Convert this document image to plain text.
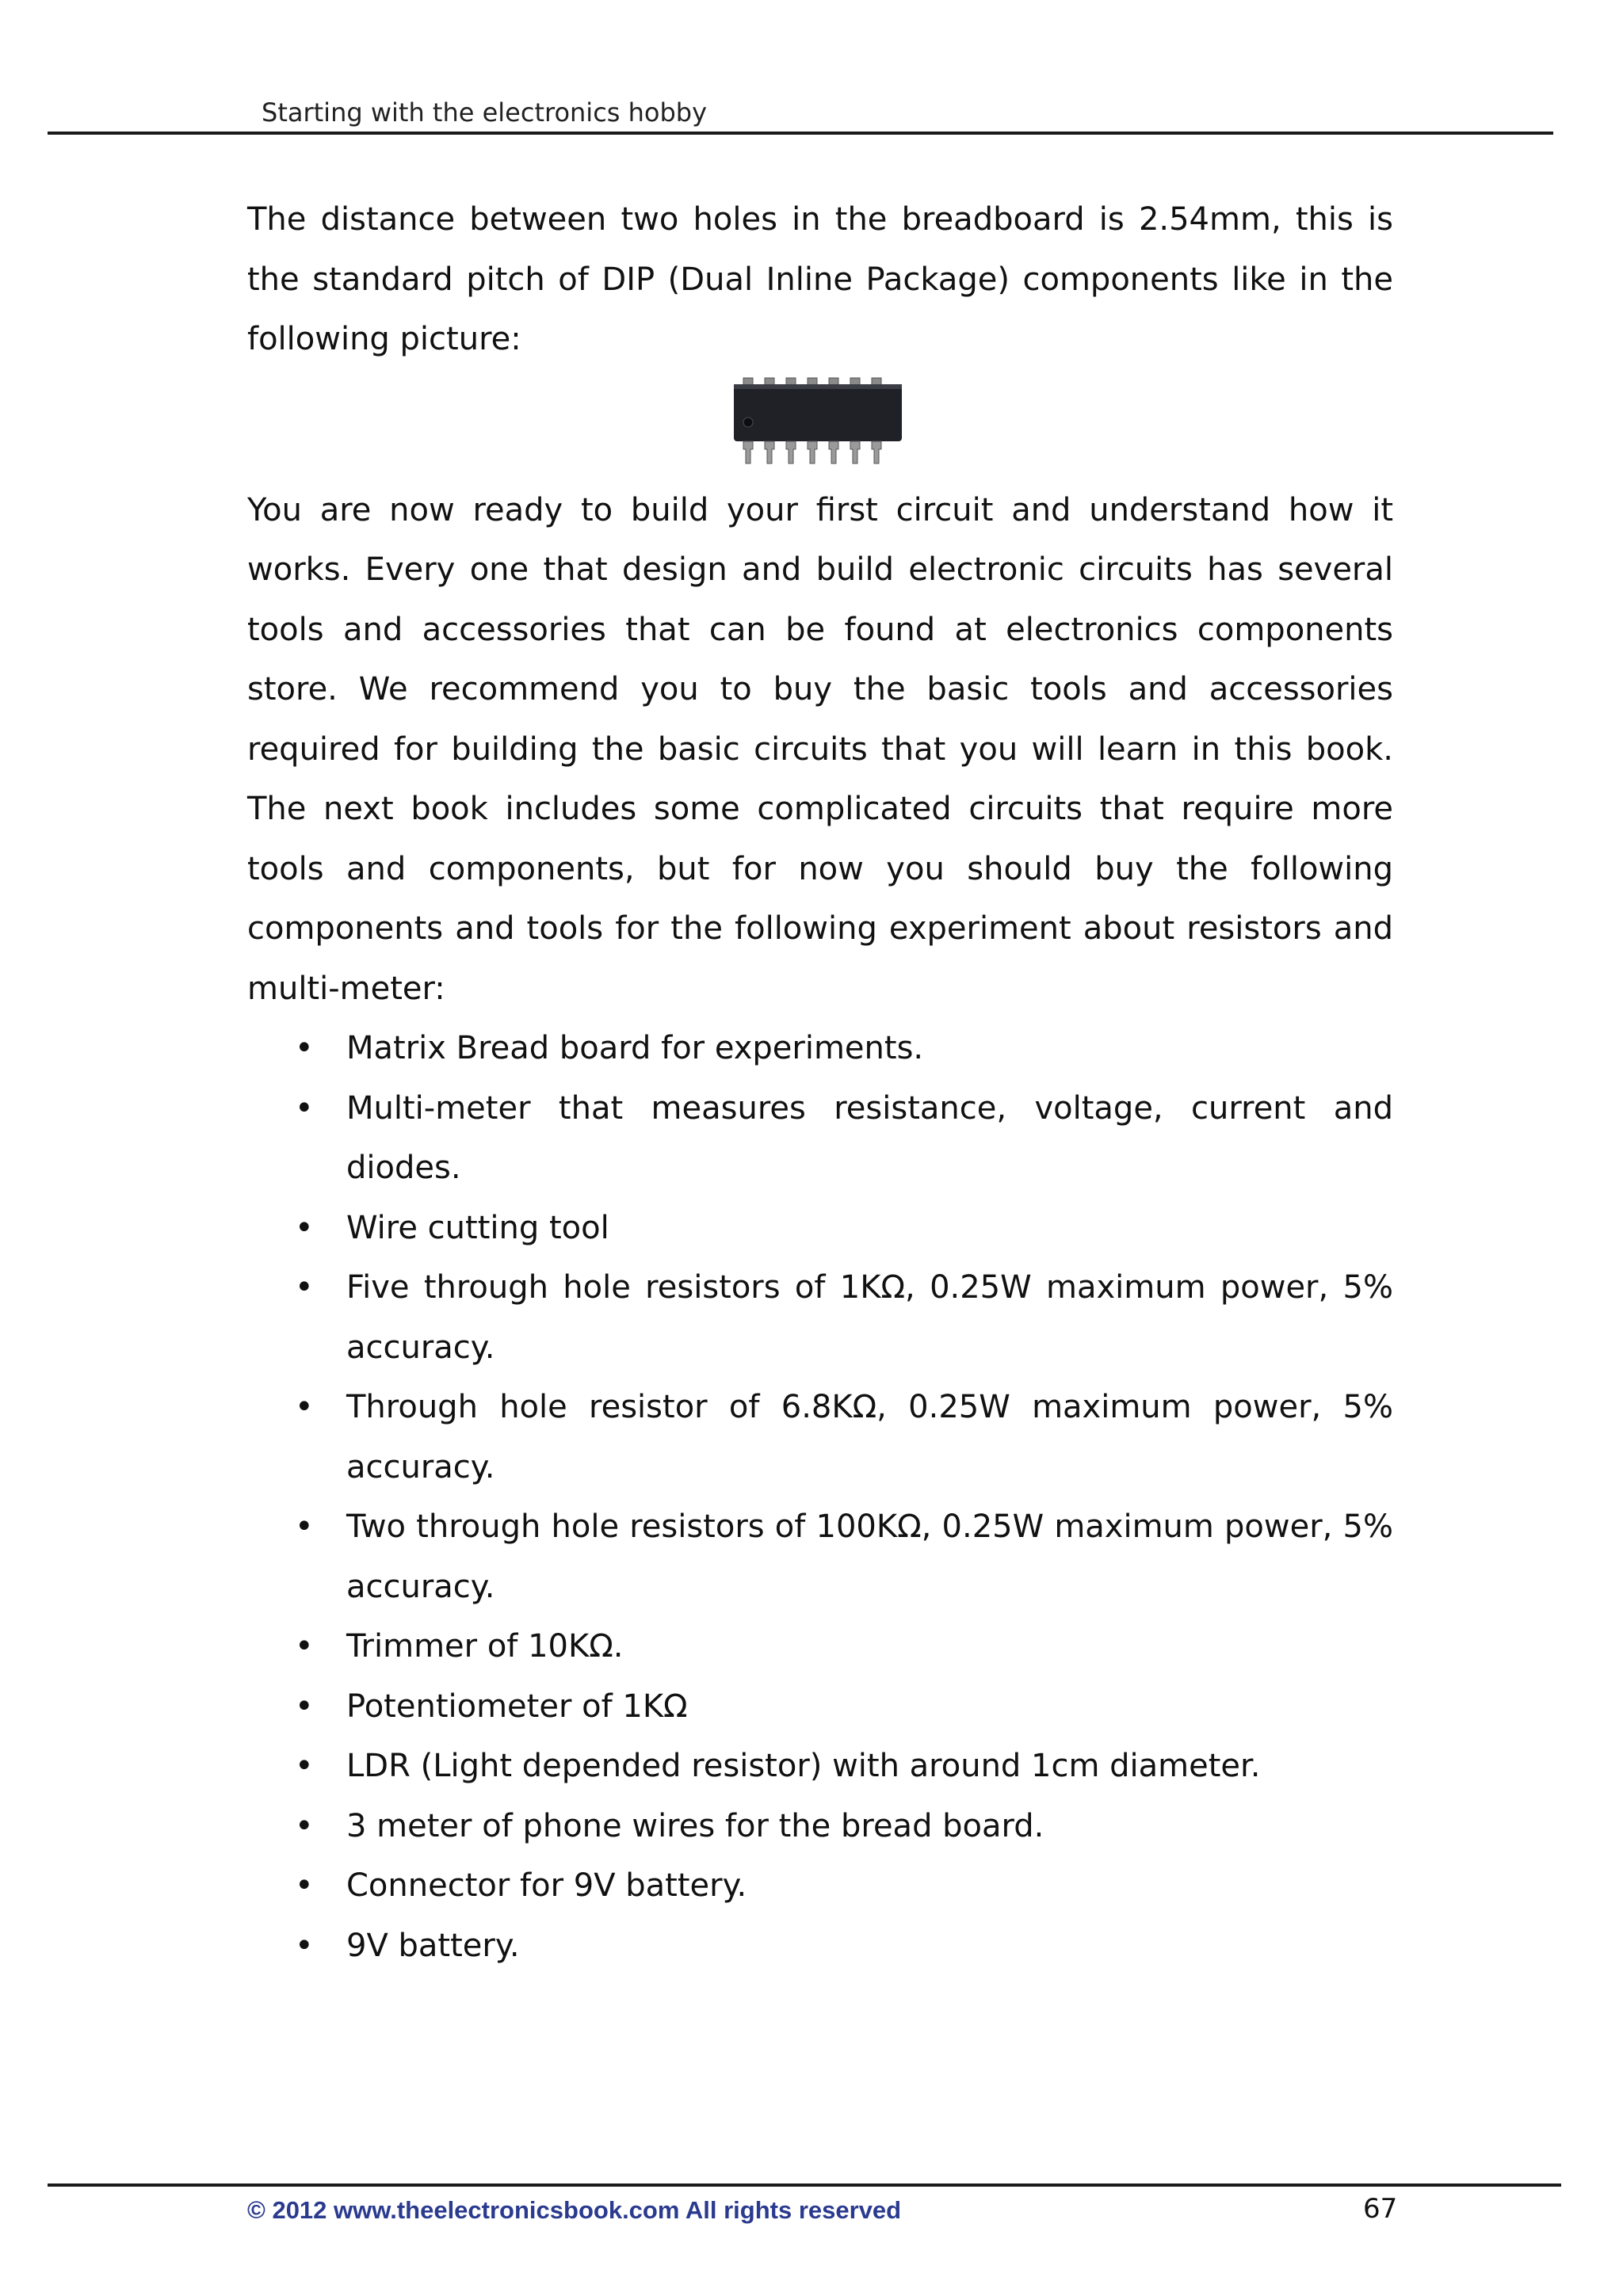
Starting with the electronics hobby

The distance between two holes in the breadboard is 2.54mm, this is the standard pitch of DIP (Dual Inline Package) components like in the following picture:

You are now ready to build your first circuit and understand how it works. Every one that design and build electronic circuits has several tools and accessories that can be found at electronics components store. We recommend you to buy the basic tools and accessories required for building the basic circuits that you will learn in this book. The next book includes some complicated circuits that require more tools and components, but for now you should buy the following components and tools for the following experiment about resistors and multi-meter:

• Matrix Bread board for experiments.
• Multi-meter that measures resistance, voltage, current and diodes.
• Wire cutting tool
• Five through hole resistors of 1KΩ, 0.25W maximum power, 5% accuracy.
• Through hole resistor of 6.8KΩ, 0.25W maximum power, 5% accuracy.
• Two through hole resistors of 100KΩ, 0.25W maximum power, 5% accuracy.
• Trimmer of 10KΩ.
• Potentiometer of 1KΩ
• LDR (Light depended resistor) with around 1cm diameter.
• 3 meter of phone wires for the bread board.
• Connector for 9V battery.
• 9V battery.
© 2012 www.theelectronicsbook.com All rights reserved	67
